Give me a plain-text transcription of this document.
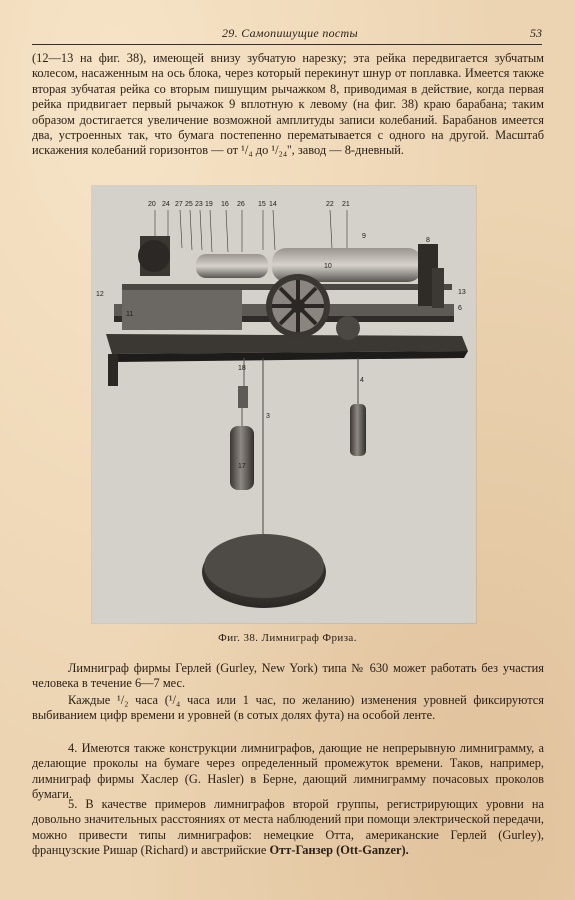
29. Самопишущие посты	53

(12—13 на фиг. 38), имеющей внизу зубчатую нарезку; эта рейка передвигается зубчатым колесом, насаженным на ось блока, через который перекинут шнур от поплавка. Имеется также вторая зубчатая рейка со вторым пишущим рычажком 8, приводимая в действие, когда первая рейка придвигает первый рычажок 9 вплотную к левому (на фиг. 38) краю барабана; таким образом достигается увеличение возможной амплитуды записи колебаний. Барабанов имеется два, устроенных так, что бумага постепенно перематывается с одного на другой. Масштаб искажения колебаний горизонтов — от ¹/₄ до ¹/₂₄'', завод — 8-дневный.

20 24 27 25 23 19 16 26 15 14	22 21
12
11
10
9
8
13
6
18
3
4
17
Фиг. 38. Лимниграф Фриза.

Лимниграф фирмы Герлей (Gurley, New York) типа № 630 может работать без участия человека в течение 6—7 мес.

Каждые ¹/₂ часа (¹/₄ часа или 1 час, по желанию) изменения уровней фиксируются выбиванием цифр времени и уровней (в сотых долях фута) на особой ленте.

4. Имеются также конструкции лимниграфов, дающие не непрерывную лимниграмму, а делающие проколы на бумаге через определенный промежуток времени. Таков, например, лимниграф фирмы Хаслер (G. Hasler) в Берне, дающий лимниграмму почасовых проколов бумаги.

5. В качестве примеров лимниграфов второй группы, регистрирующих уровни на довольно значительных расстояниях от места наблюдений при помощи электрической передачи, можно привести типы лимниграфов: немецкие Отта, американские Герлей (Gurley), французские Ришар (Richard) и австрийские Отт-Ганзер (Ott-Ganzer).
